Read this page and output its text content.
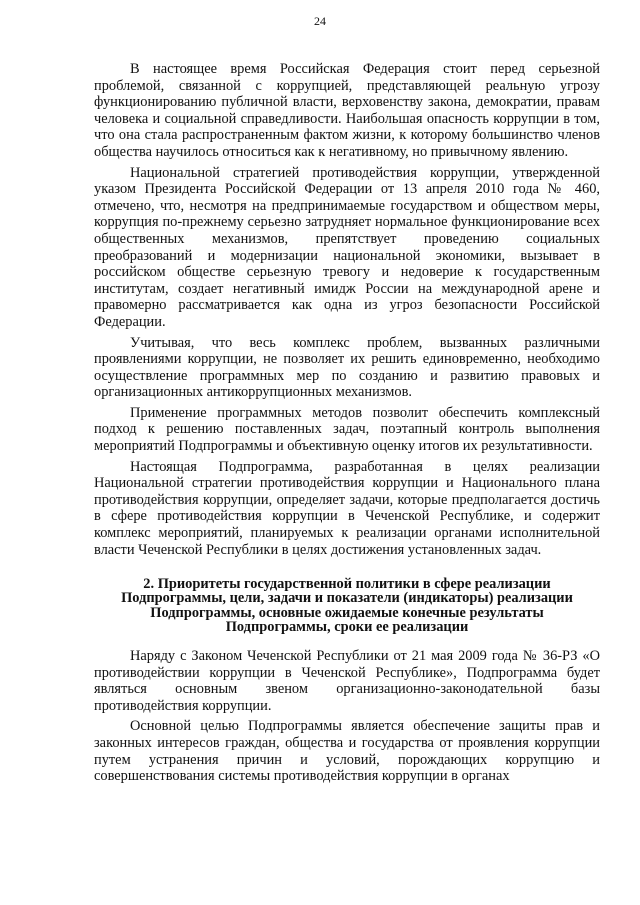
24

В настоящее время Российская Федерация стоит перед серьезной проблемой, связанной с коррупцией, представляющей реальную угрозу функционированию публичной власти, верховенству закона, демократии, правам человека и социальной справедливости. Наибольшая опасность коррупции в том, что она стала распространенным фактом жизни, к которому большинство членов общества научилось относиться как к негативному, но привычному явлению.

Национальной стратегией противодействия коррупции, утвержденной указом Президента Российской Федерации от 13 апреля 2010 года № 460, отмечено, что, несмотря на предпринимаемые государством и обществом меры, коррупция по-прежнему серьезно затрудняет нормальное функционирование всех общественных механизмов, препятствует проведению социальных преобразований и модернизации национальной экономики, вызывает в российском обществе серьезную тревогу и недоверие к государственным институтам, создает негативный имидж России на международной арене и правомерно рассматривается как одна из угроз безопасности Российской Федерации.

Учитывая, что весь комплекс проблем, вызванных различными проявлениями коррупции, не позволяет их решить единовременно, необходимо осуществление программных мер по созданию и развитию правовых и организационных антикоррупционных механизмов.

Применение программных методов позволит обеспечить комплексный подход к решению поставленных задач, поэтапный контроль выполнения мероприятий Подпрограммы и объективную оценку итогов их результативности.

Настоящая Подпрограмма, разработанная в целях реализации Национальной стратегии противодействия коррупции и Национального плана противодействия коррупции, определяет задачи, которые предполагается достичь в сфере противодействия коррупции в Чеченской Республике, и содержит комплекс мероприятий, планируемых к реализации органами исполнительной власти Чеченской Республики в целях достижения установленных задач.

2. Приоритеты государственной политики в сфере реализации
Подпрограммы, цели, задачи и показатели (индикаторы) реализации
Подпрограммы, основные ожидаемые конечные результаты
Подпрограммы, сроки ее реализации

Наряду с Законом Чеченской Республики от 21 мая 2009 года № 36-РЗ «О противодействии коррупции в Чеченской Республике», Подпрограмма будет являться основным звеном организационно-законодательной базы противодействия коррупции.

Основной целью Подпрограммы является обеспечение защиты прав и законных интересов граждан, общества и государства от проявления коррупции путем устранения причин и условий, порождающих коррупцию и совершенствования системы противодействия коррупции в органах
